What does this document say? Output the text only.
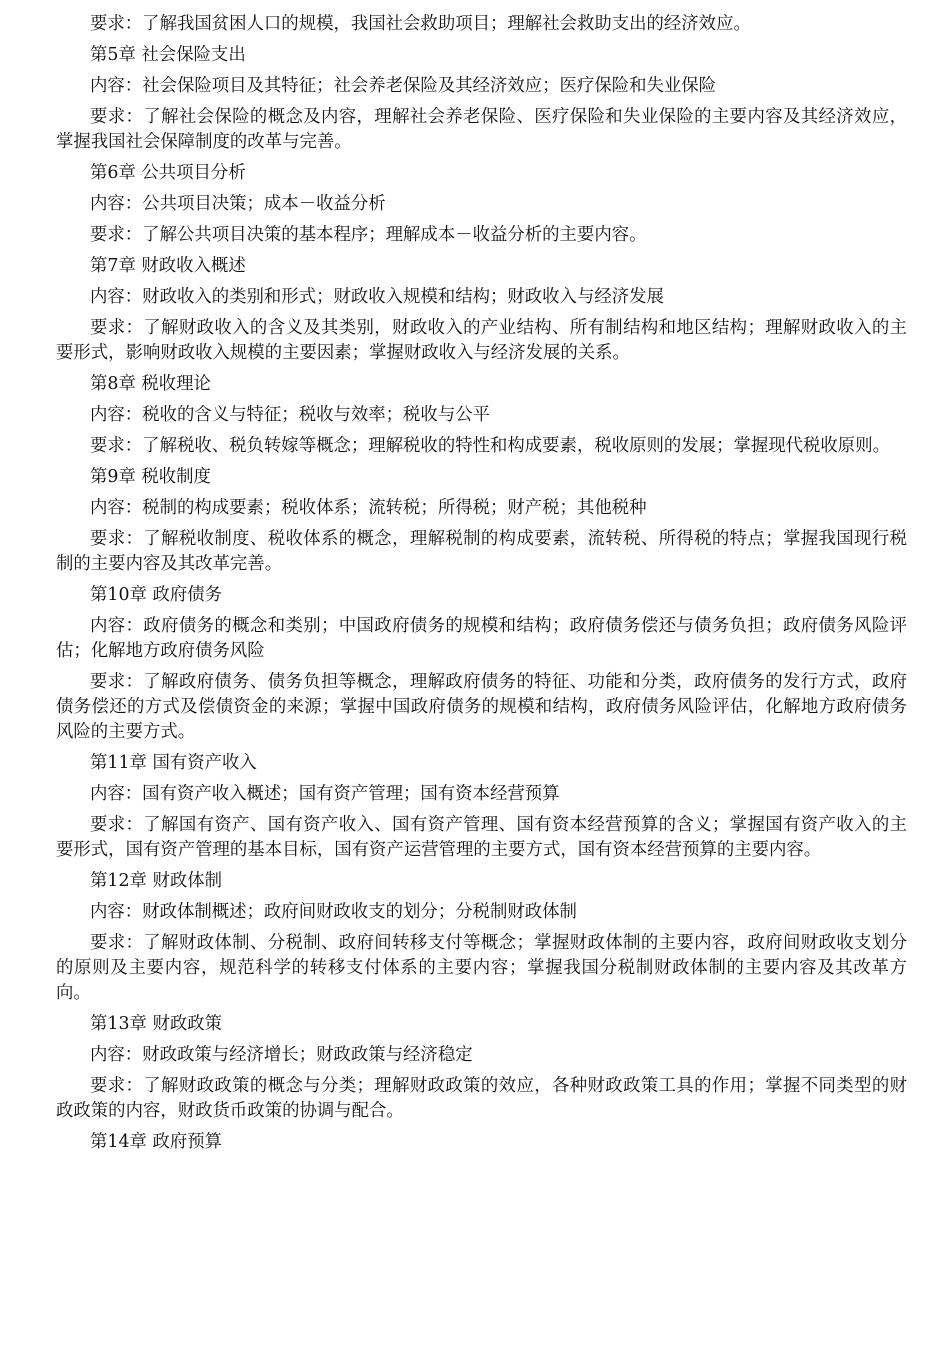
要求：了解我国贫困人口的规模，我国社会救助项目；理解社会救助支出的经济效应。

第5章 社会保险支出

内容：社会保险项目及其特征；社会养老保险及其经济效应；医疗保险和失业保险

要求：了解社会保险的概念及内容，理解社会养老保险、医疗保险和失业保险的主要内容及其经济效应，掌握我国社会保障制度的改革与完善。

第6章 公共项目分析

内容：公共项目决策；成本－收益分析

要求：了解公共项目决策的基本程序；理解成本－收益分析的主要内容。

第7章 财政收入概述

内容：财政收入的类别和形式；财政收入规模和结构；财政收入与经济发展

要求：了解财政收入的含义及其类别，财政收入的产业结构、所有制结构和地区结构；理解财政收入的主要形式，影响财政收入规模的主要因素；掌握财政收入与经济发展的关系。

第8章 税收理论

内容：税收的含义与特征；税收与效率；税收与公平

要求：了解税收、税负转嫁等概念；理解税收的特性和构成要素，税收原则的发展；掌握现代税收原则。

第9章 税收制度

内容：税制的构成要素；税收体系；流转税；所得税；财产税；其他税种

要求：了解税收制度、税收体系的概念，理解税制的构成要素，流转税、所得税的特点；掌握我国现行税制的主要内容及其改革完善。

第10章 政府债务

内容：政府债务的概念和类别；中国政府债务的规模和结构；政府债务偿还与债务负担；政府债务风险评估；化解地方政府债务风险

要求：了解政府债务、债务负担等概念，理解政府债务的特征、功能和分类，政府债务的发行方式，政府债务偿还的方式及偿债资金的来源；掌握中国政府债务的规模和结构，政府债务风险评估，化解地方政府债务风险的主要方式。

第11章 国有资产收入

内容：国有资产收入概述；国有资产管理；国有资本经营预算

要求：了解国有资产、国有资产收入、国有资产管理、国有资本经营预算的含义；掌握国有资产收入的主要形式，国有资产管理的基本目标，国有资产运营管理的主要方式，国有资本经营预算的主要内容。

第12章 财政体制

内容：财政体制概述；政府间财政收支的划分；分税制财政体制

要求：了解财政体制、分税制、政府间转移支付等概念；掌握财政体制的主要内容，政府间财政收支划分的原则及主要内容，规范科学的转移支付体系的主要内容；掌握我国分税制财政体制的主要内容及其改革方向。

第13章 财政政策

内容：财政政策与经济增长；财政政策与经济稳定

要求：了解财政政策的概念与分类；理解财政政策的效应，各种财政政策工具的作用；掌握不同类型的财政政策的内容，财政货币政策的协调与配合。

第14章 政府预算
